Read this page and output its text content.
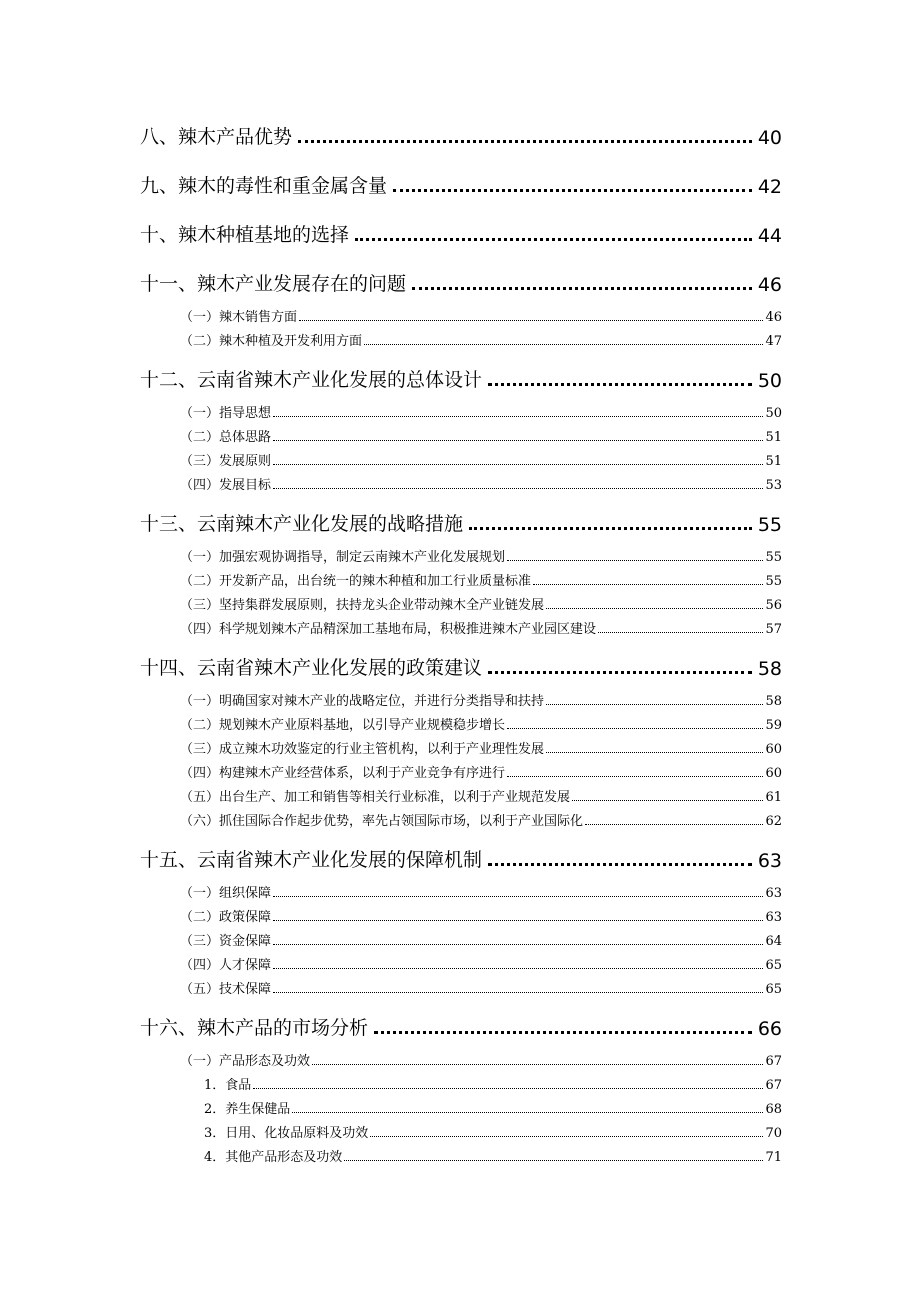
八、辣木产品优势	40
九、辣木的毒性和重金属含量	42
十、辣木种植基地的选择	44
十一、辣木产业发展存在的问题	46
（一）辣木销售方面	46
（二）辣木种植及开发利用方面	47
十二、云南省辣木产业化发展的总体设计	50
（一）指导思想	50
（二）总体思路	51
（三）发展原则	51
（四）发展目标	53
十三、云南辣木产业化发展的战略措施	55
（一）加强宏观协调指导，制定云南辣木产业化发展规划	55
（二）开发新产品，出台统一的辣木种植和加工行业质量标准	55
（三）坚持集群发展原则，扶持龙头企业带动辣木全产业链发展	56
（四）科学规划辣木产品精深加工基地布局，积极推进辣木产业园区建设	57
十四、云南省辣木产业化发展的政策建议	58
（一）明确国家对辣木产业的战略定位，并进行分类指导和扶持	58
（二）规划辣木产业原料基地，以引导产业规模稳步增长	59
（三）成立辣木功效鉴定的行业主管机构，以利于产业理性发展	60
（四）构建辣木产业经营体系，以利于产业竞争有序进行	60
（五）出台生产、加工和销售等相关行业标准，以利于产业规范发展	61
（六）抓住国际合作起步优势，率先占领国际市场，以利于产业国际化	62
十五、云南省辣木产业化发展的保障机制	63
（一）组织保障	63
（二）政策保障	63
（三）资金保障	64
（四）人才保障	65
（五）技术保障	65
十六、辣木产品的市场分析	66
（一）产品形态及功效	67
1．食品	67
2．养生保健品	68
3．日用、化妆品原料及功效	70
4．其他产品形态及功效	71
